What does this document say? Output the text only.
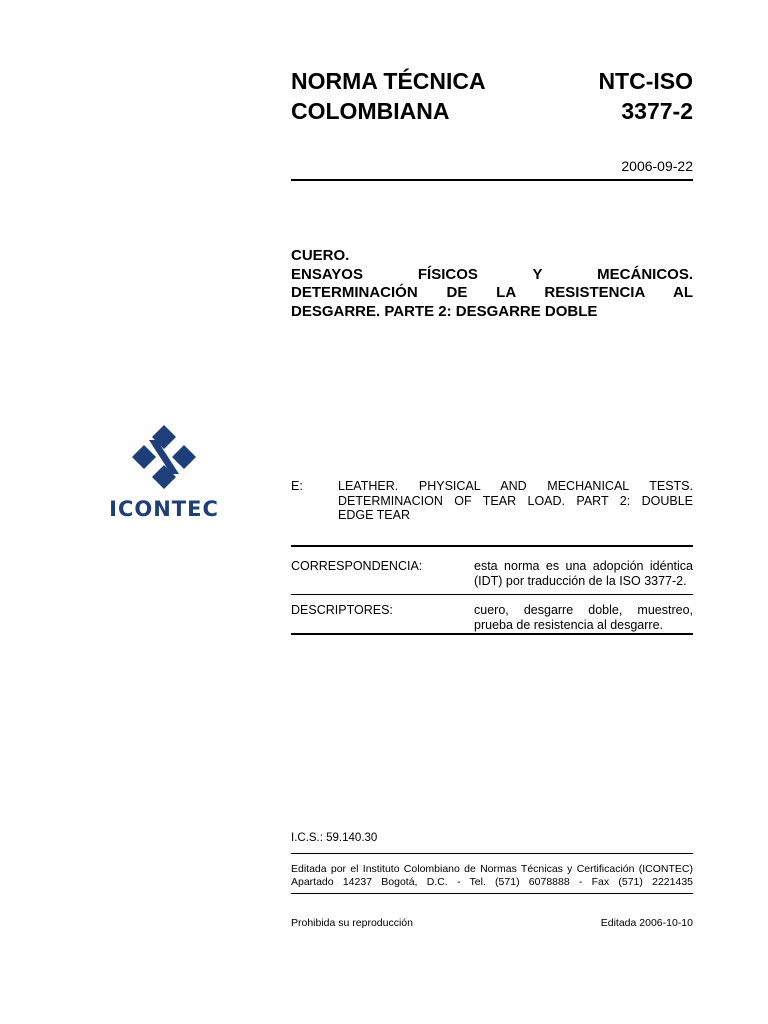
NORMA TÉCNICA	NTC-ISO
COLOMBIANA	3377-2
2006-09-22
CUERO.
ENSAYOS FÍSICOS Y MECÁNICOS.
DETERMINACIÓN DE LA RESISTENCIA AL
DESGARRE. PARTE 2: DESGARRE DOBLE
ICONTEC
E:	LEATHER. PHYSICAL AND MECHANICAL TESTS.
DETERMINACION OF TEAR LOAD. PART 2: DOUBLE
EDGE TEAR
CORRESPONDENCIA:	esta norma es una adopción idéntica
(IDT) por traducción de la ISO 3377-2.
DESCRIPTORES:	cuero, desgarre doble, muestreo,
prueba de resistencia al desgarre.
I.C.S.: 59.140.30
Editada por el Instituto Colombiano de Normas Técnicas y Certificación (ICONTEC)
Apartado 14237 Bogotá, D.C. - Tel. (571) 6078888 - Fax (571) 2221435
Prohibida su reproducción	Editada 2006-10-10
